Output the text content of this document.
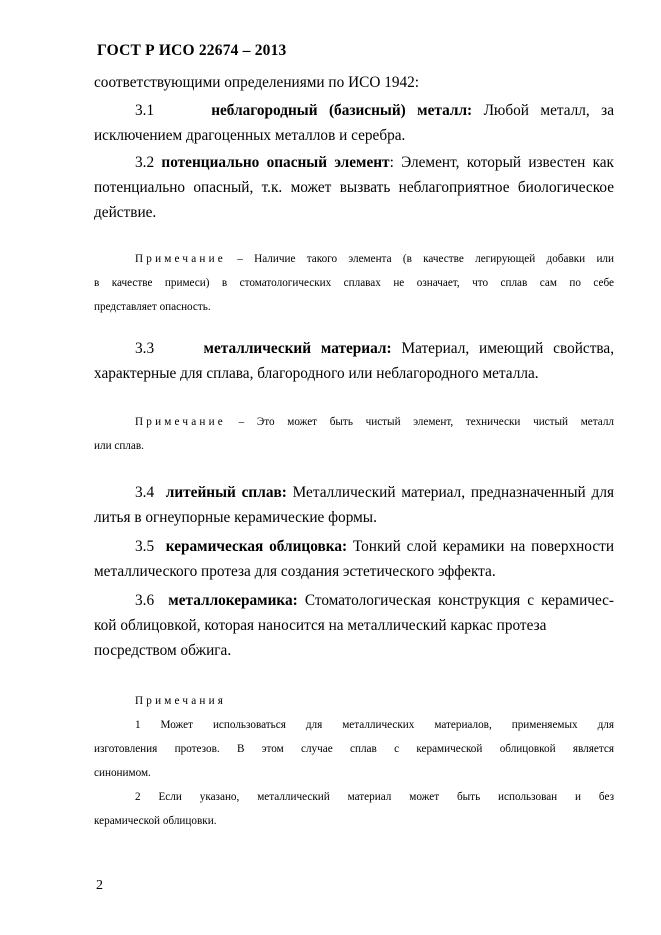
ГОСТ Р ИСО 22674 – 2013
соответствующими определениями по ИСО 1942:
3.1	неблагородный (базисный) металл: Любой металл, за
исключением драгоценных металлов и серебра.
3.2 потенциально опасный элемент: Элемент, который известен как
потенциально опасный, т.к. может вызвать неблагоприятное биологическое
действие.
Примечание – Наличие такого элемента (в качестве легирующей добавки или
в качестве примеси) в стоматологических сплавах не означает, что сплав сам по себе
представляет опасность.
3.3	металлический материал: Материал, имеющий свойства,
характерные для сплава, благородного или неблагородного металла.
Примечание – Это может быть чистый элемент, технически чистый металл
или сплав.
3.4 литейный сплав: Металлический материал, предназначенный для
литья в огнеупорные керамические формы.
3.5 керамическая облицовка: Тонкий слой керамики на поверхности
металлического протеза для создания эстетического эффекта.
3.6 металлокерамика: Стоматологическая конструкция с керамичес-
кой облицовкой, которая наносится на металлический каркас протеза
посредством обжига.
Примечания
1 Может использоваться для металлических материалов, применяемых для
изготовления протезов. В этом случае сплав с керамической облицовкой является
синонимом.
2 Если указано, металлический материал может быть использован и без
керамической облицовки.
2
